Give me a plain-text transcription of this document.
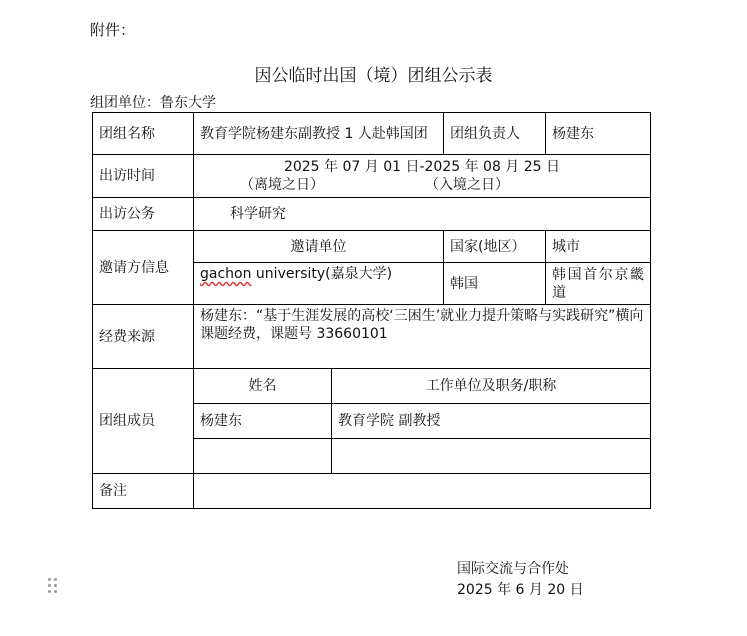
附件：
因公临时出国（境）团组公示表
组团单位：鲁东大学
团组名称	教育学院杨建东副教授 1 人赴韩国团		团组负责人	杨建东
出访时间	2025 年 07 月 01 日-2025 年 08 月 25 日
（离境之日） （入境之日）			

出访公务	科学研究			
邀请方信息	邀请单位		国家(地区）	城市
	gachon university(嘉泉大学)		韩国	韩国首尔京畿道
经费来源	杨建东：“基于生涯发展的高校‘三困生’就业力提升策略与实践研究”横向课题经费，课题号 33660101			
团组成员	姓名	工作单位及职务/职称		
	杨建东	教育学院 副教授		

备注				
国际交流与合作处
2025 年 6 月 20 日
